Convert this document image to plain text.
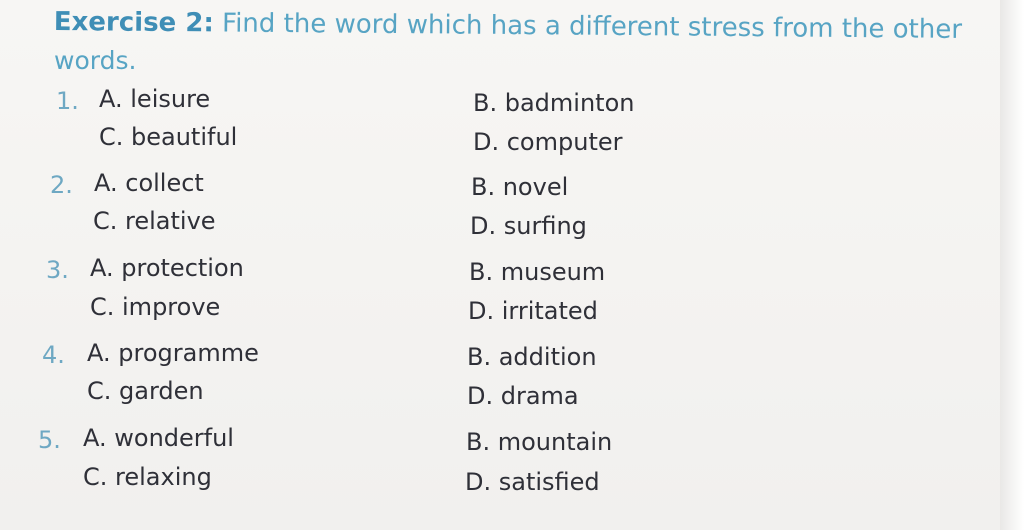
Exercise 2: Find the word which has a different stress from the other
words.
1. A. leisure	B. badminton
C. beautiful	D. computer
2. A. collect	B. novel
C. relative	D. surfing
3. A. protection	B. museum
C. improve	D. irritated
4. A. programme	B. addition
C. garden	D. drama
5. A. wonderful	B. mountain
C. relaxing	D. satisfied
